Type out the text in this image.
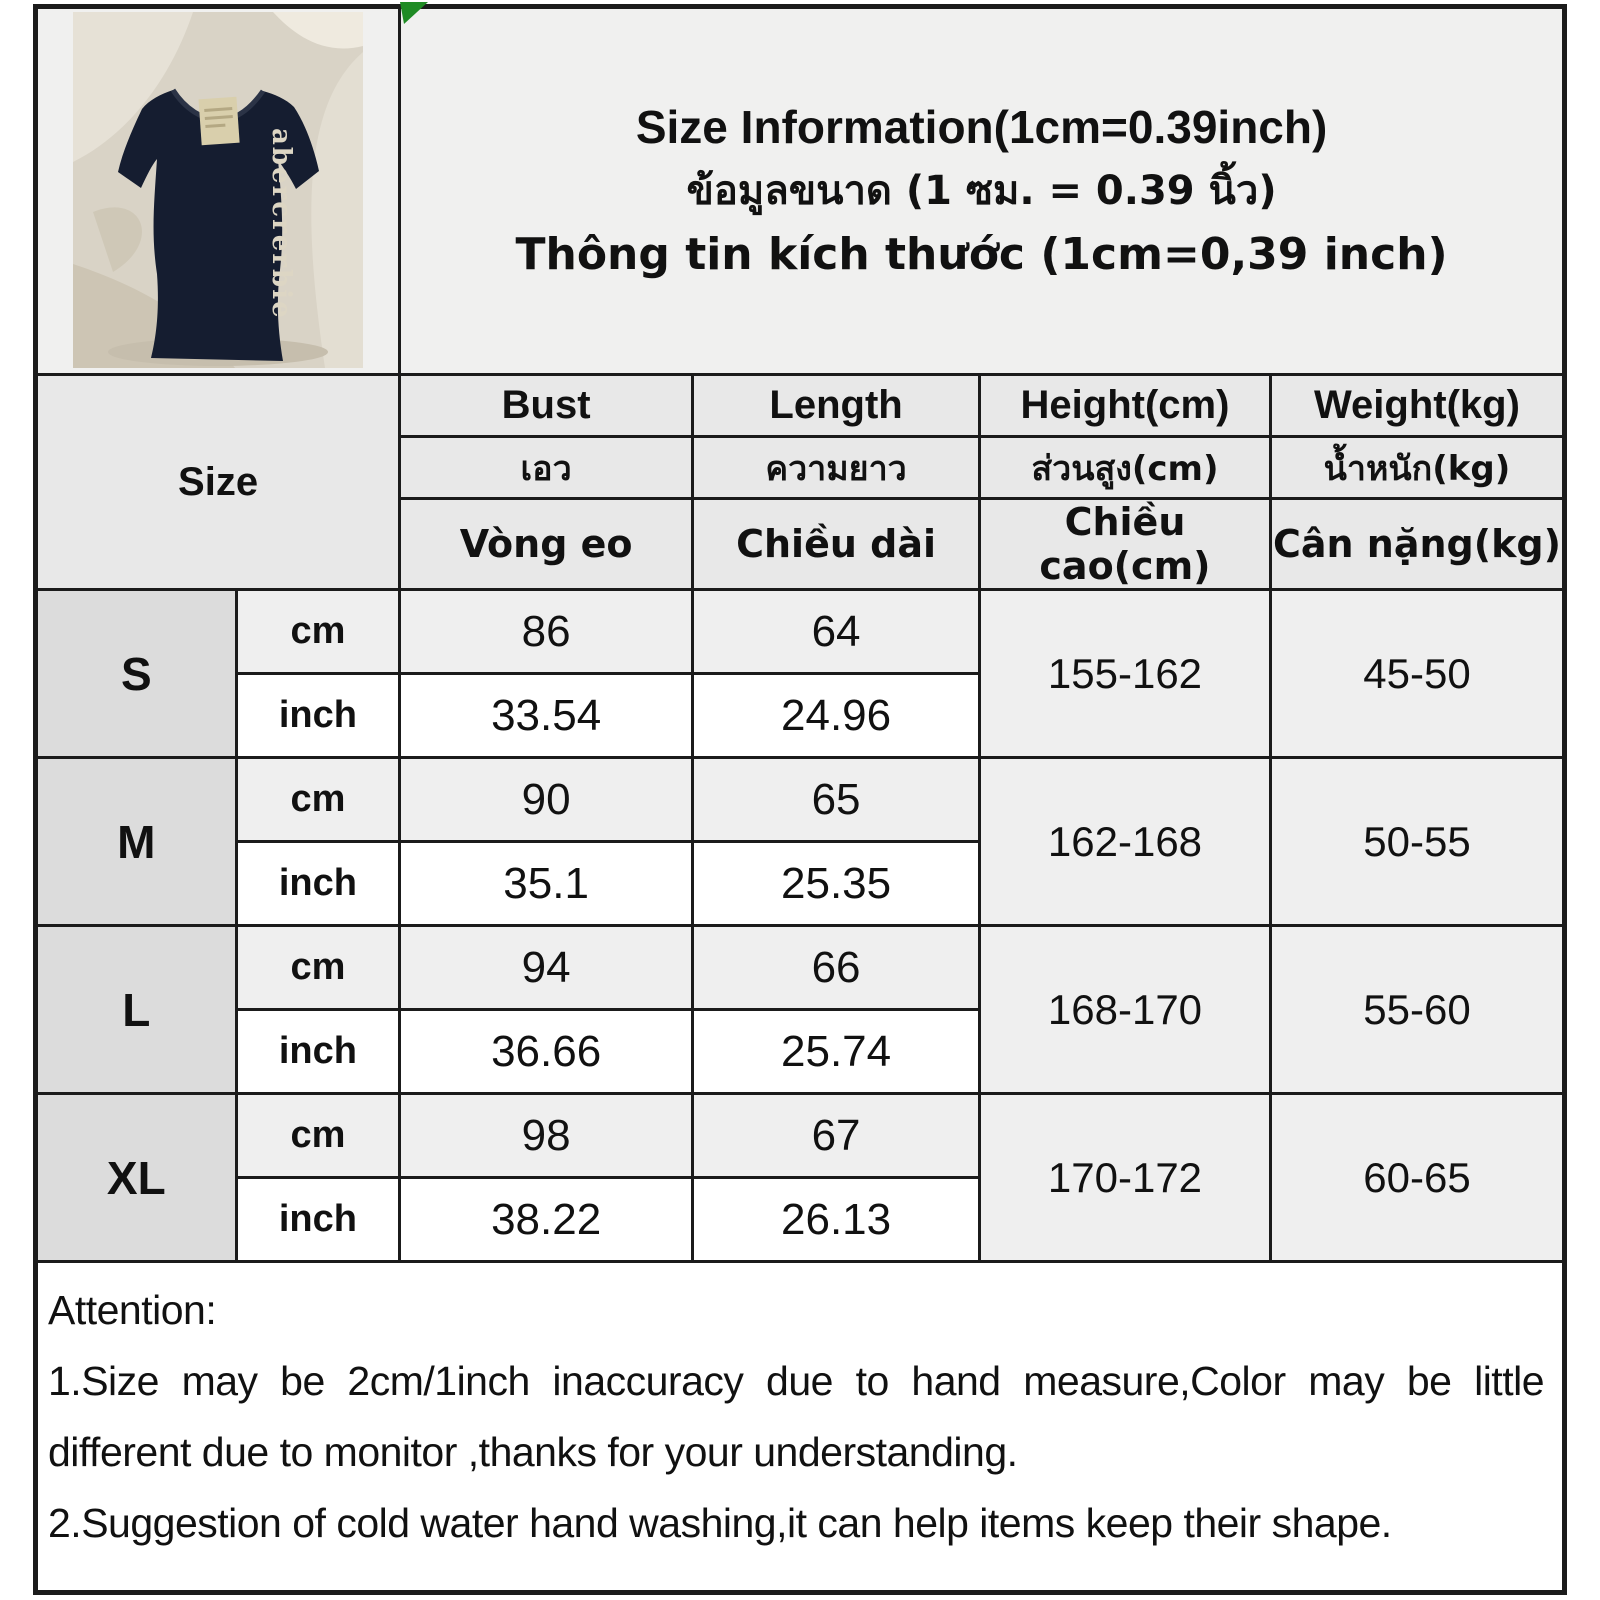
abercrerbie		Size Information(1cm=0.39inch)
ข้อมูลขนาด (1 ซม. = 0.39 นิ้ว)
Thông tin kích thước (1cm=0,39 inch)			

Size		Bust	Length	Height(cm)	Weight(kg)
		เอว	ความยาว	ส่วนสูง(cm)	น้ำหนัก(kg)
		Vòng eo	Chiều dài	Chiều cao(cm)	Cân nặng(kg)
S	cm	86	64	155-162	45-50
	inch	33.54	24.96		
M	cm	90	65	162-168	50-55
	inch	35.1	25.35		
L	cm	94	66	168-170	55-60
	inch	36.66	25.74		
XL	cm	98	67	170-172	60-65
	inch	38.22	26.13		

Attention:

1.Size may be 2cm/1inch inaccuracy due to hand measure,Color may be little different due to monitor ,thanks for your understanding.

2.Suggestion of cold water hand washing,it can help items keep their shape.					
